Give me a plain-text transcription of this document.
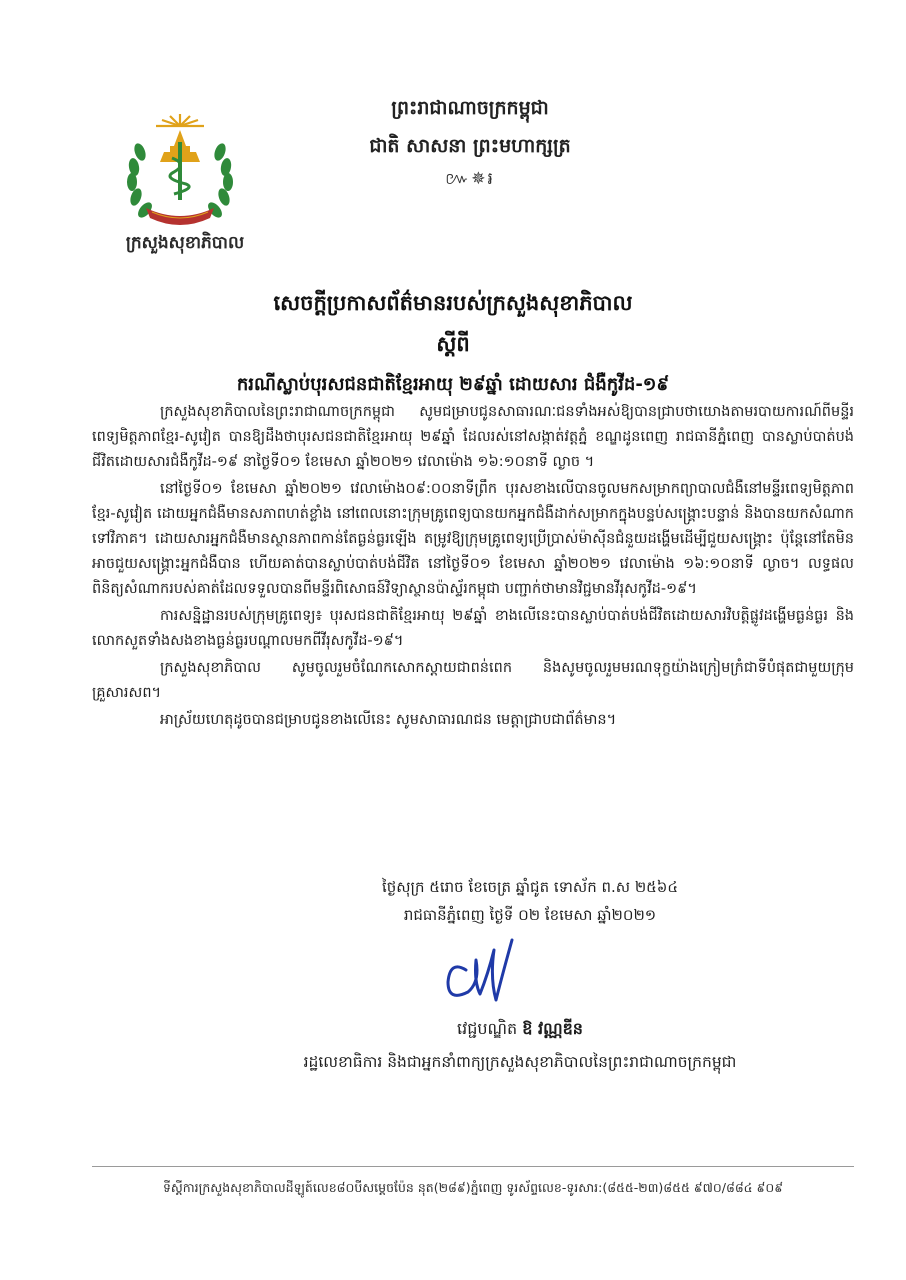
ក្រសួងសុខាភិបាល
ព្រះរាជាណាចក្រកម្ពុជា
ជាតិ សាសនា ព្រះមហាក្សត្រ
៚✵៛
សេចក្ដីប្រកាសព័ត៌មានរបស់ក្រសួងសុខាភិបាល
ស្ដីពី
ករណីស្លាប់បុរសជនជាតិខ្មែរអាយុ ២៩ឆ្នាំ ដោយសារ ជំងឺកូវីដ-១៩

ក្រសួងសុខាភិបាលនៃព្រះរាជាណាចក្រកម្ពុជា សូមជម្រាបជូនសាធារណៈជនទាំងអស់ឱ្យបានជ្រាបថាយោងតាមរបាយការណ៍ពីមន្ទីរពេទ្យមិត្តភាពខ្មែរ-សូវៀត បានឱ្យដឹងថាបុរសជនជាតិខ្មែរអាយុ ២៩ឆ្នាំ ដែលរស់នៅសង្កាត់វត្តភ្នំ ខណ្ឌដូនពេញ រាជធានីភ្នំពេញ បានស្លាប់បាត់បង់ជីវិតដោយសារជំងឺកូវីដ-១៩ នាថ្ងៃទី០១ ខែមេសា ឆ្នាំ២០២១ វេលាម៉ោង ១៦:១០នាទី ល្ងាច ។

នៅថ្ងៃទី០១ ខែមេសា ឆ្នាំ២០២១ វេលាម៉ោង០៩:០០នាទីព្រឹក បុរសខាងលើបានចូលមកសម្រាកព្យាបាលជំងឺនៅមន្ទីរពេទ្យមិត្តភាពខ្មែរ-សូវៀត ដោយអ្នកជំងឺមានសភាពហត់ខ្លាំង នៅពេលនោះក្រុមគ្រូពេទ្យបានយកអ្នកជំងឺដាក់សម្រាកក្នុងបន្ទប់សង្គ្រោះបន្ទាន់ និងបានយកសំណាកទៅវិភាគ។ ដោយសារអ្នកជំងឺមានស្ថានភាពកាន់តែធ្ងន់ធ្ងរឡើង តម្រូវឱ្យក្រុមគ្រូពេទ្យប្រើប្រាស់ម៉ាស៊ីនជំនួយដង្ហើមដើម្បីជួយសង្គ្រោះ ប៉ុន្តែនៅតែមិនអាចជួយសង្គ្រោះអ្នកជំងឺបាន ហើយគាត់បានស្លាប់បាត់បង់ជីវិត នៅថ្ងៃទី០១ ខែមេសា ឆ្នាំ២០២១ វេលាម៉ោង ១៦:១០នាទី ល្ងាច។ លទ្ធផលពិនិត្យសំណាករបស់គាត់ដែលទទួលបានពីមន្ទីរពិសោធន៍វិទ្យាស្ថានប៉ាស្ទ័រកម្ពុជា បញ្ជាក់ថាមានវិជ្ជមានវីរុសកូវីដ-១៩។

ការសន្និដ្ឋានរបស់ក្រុមគ្រូពេទ្យ៖ បុរសជនជាតិខ្មែរអាយុ ២៩ឆ្នាំ ខាងលើនេះបានស្លាប់បាត់បង់ជីវិតដោយសារវិបត្តិផ្លូវដង្ហើមធ្ងន់ធ្ងរ និងលោកសួតទាំងសងខាងធ្ងន់ធ្ងរបណ្ដាលមកពីវីរុសកូវីដ-១៩។

ក្រសួងសុខាភិបាល សូមចូលរួមចំណែកសោកស្ដាយជាពន់ពេក និងសូមចូលរួមមរណទុក្ខយ៉ាងក្រៀមក្រំជាទីបំផុតជាមួយក្រុមគ្រួសារសព។

អាស្រ័យហេតុដូចបានជម្រាបជូនខាងលើនេះ សូមសាធារណជន មេត្តាជ្រាបជាព័ត៌មាន។

ថ្ងៃសុក្រ ៥រោច ខែចេត្រ ឆ្នាំជូត ទោស័ក ព.ស ២៥៦៤
រាជធានីភ្នំពេញ ថ្ងៃទី ០២ ខែមេសា ឆ្នាំ២០២១
វេជ្ជបណ្ឌិត ឱ វណ្ណឌីន
រដ្ឋលេខាធិការ និងជាអ្នកនាំពាក្យក្រសួងសុខាភិបាលនៃព្រះរាជាណាចក្រកម្ពុជា
ទីស្តីការក្រសួងសុខាភិបាលដីឡូត៍លេខ៨០បីសម្ដេចប៉ែន នុត(២៨៩)ភ្នំពេញ ទូរស័ព្ទលេខ-ទូរសារ:(៨៥៥-២៣)៨៥៥ ៩៧០/៨៨៤ ៩០៩
